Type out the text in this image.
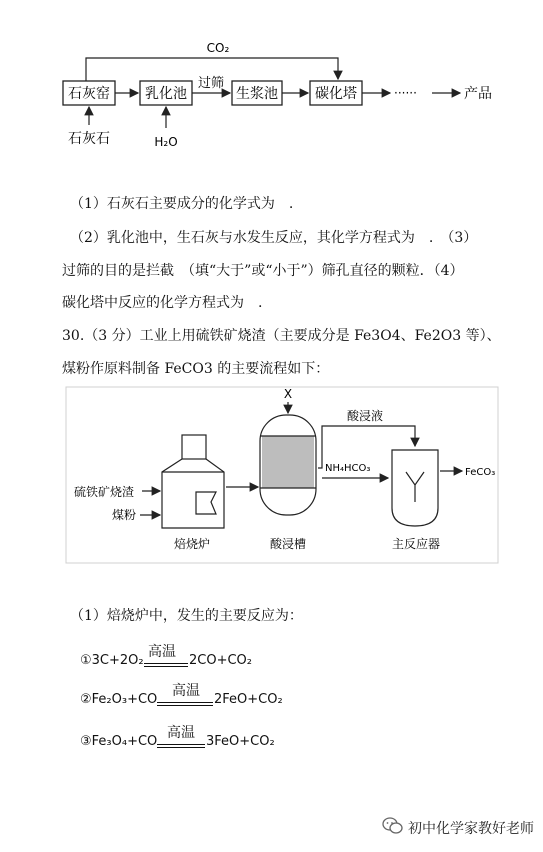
石灰窑	乳化池	生浆池	碳化塔
CO₂
过筛
······	产品
石灰石	H₂O
（1）石灰石主要成分的化学式为　.
（2）乳化池中，生石灰与水发生反应，其化学方程式为　.　（3）
过筛的目的是拦截　（填“大于”或“小于”）筛孔直径的颗粒．（4）
碳化塔中反应的化学方程式为　.
30.（3 分）工业上用硫铁矿烧渣（主要成分是 Fe3O4、Fe2O3 等）、
煤粉作原料制备 FeCO3 的主要流程如下：
焙烧炉
硫铁矿烧渣
煤粉
酸浸槽
X
酸浸液
NH₄HCO₃
主反应器
FeCO₃
（1）焙烧炉中，发生的主要反应为：
①3C+2O₂
高温
2CO+CO₂
②Fe₂O₃+CO
高温
2FeO+CO₂
③Fe₃O₄+CO
高温
3FeO+CO₂
初中化学家教好老师
